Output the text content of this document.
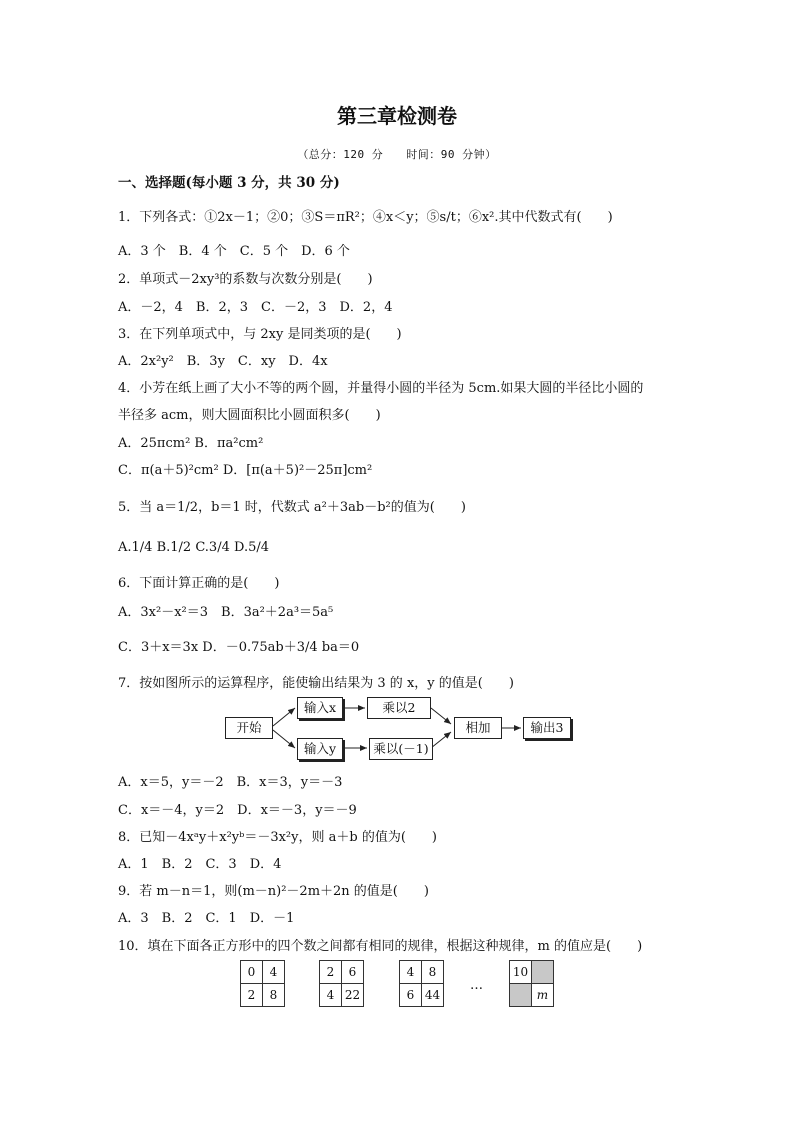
第三章检测卷
（总分：120 分　　时间：90 分钟）
一、选择题(每小题 3 分，共 30 分)
1．下列各式：①2x－1；②0；③S＝πR²；④x＜y；⑤s/t；⑥x².其中代数式有(　　)
A．3 个　B．4 个　C．5 个　D．6 个
2．单项式－2xy³的系数与次数分别是(　　)
A．－2，4　B．2，3　C．－2，3　D．2，4
3．在下列单项式中，与 2xy 是同类项的是(　　)
A．2x²y²　B．3y　C．xy　D．4x
4．小芳在纸上画了大小不等的两个圆，并量得小圆的半径为 5cm.如果大圆的半径比小圆的
半径多 acm，则大圆面积比小圆面积多(　　)
A．25πcm² B．πa²cm²
C．π(a＋5)²cm² D．[π(a＋5)²－25π]cm²
5．当 a＝1/2，b＝1 时，代数式 a²＋3ab－b²的值为(　　)
A.1/4 B.1/2 C.3/4 D.5/4
6．下面计算正确的是(　　)
A．3x²－x²＝3　B．3a²＋2a³＝5a⁵
C．3＋x＝3x D．－0.75ab＋3/4 ba＝0
7．按如图所示的运算程序，能使输出结果为 3 的 x，y 的值是(　　)
开始
输入x
输入y
乘以2
乘以(－1)
相加	输出3
A．x＝5，y＝－2　B．x＝3，y＝－3
C．x＝－4，y＝2　D．x＝－3，y＝－9
8．已知－4xᵃy＋x²yᵇ＝－3x²y，则 a＋b 的值为(　　)
A．1　B．2　C．3　D．4
9．若 m－n＝1，则(m－n)²－2m＋2n 的值是(　　)
A．3　B．2　C．1　D．－1
10．填在下面各正方形中的四个数之间都有相同的规律，根据这种规律，m 的值应是(　　)
0	4
2	8
2	6
4	22
4	8
6	44
…
10	
	m
